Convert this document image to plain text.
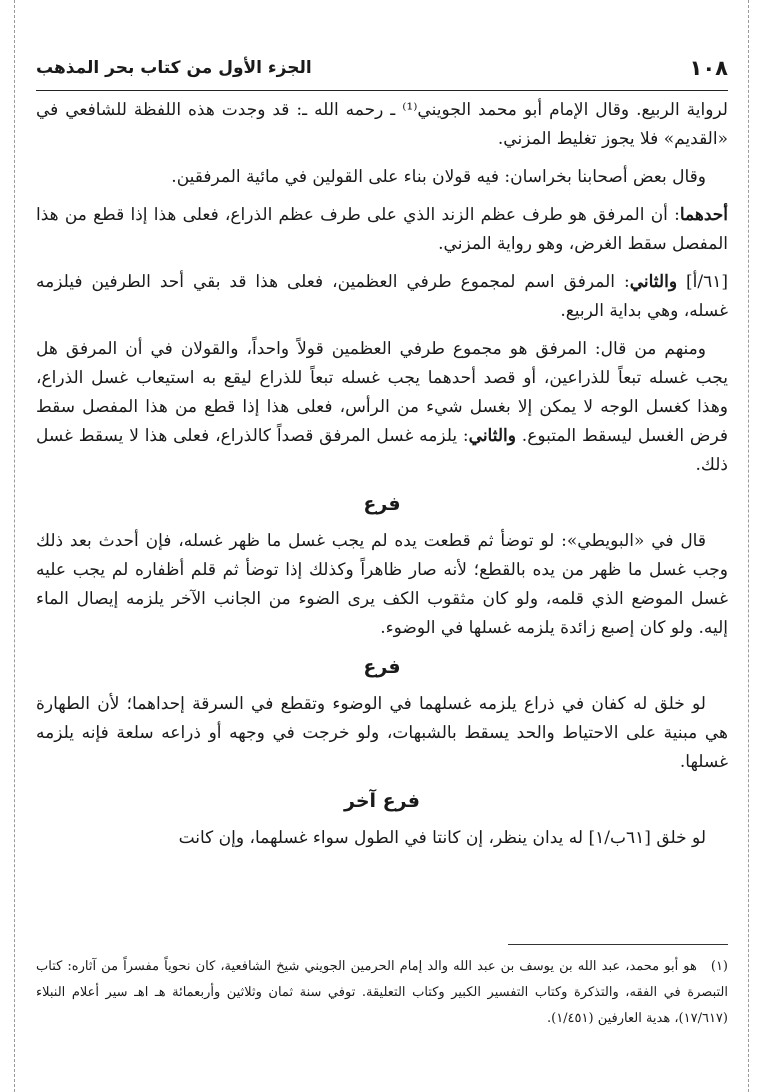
١٠٨
الجزء الأول من كتاب بحر المذهب

لرواية الربيع. وقال الإمام أبو محمد الجويني⁽¹⁾ ـ رحمه الله ـ: قد وجدت هذه اللفظة للشافعي في «القديم» فلا يجوز تغليط المزني.

وقال بعض أصحابنا بخراسان: فيه قولان بناء على القولين في مائية المرفقين.

أحدهما: أن المرفق هو طرف عظم الزند الذي على طرف عظم الذراع، فعلى هذا إذا قطع من هذا المفصل سقط الغرض، وهو رواية المزني.

[٦١/أ] والثاني: المرفق اسم لمجموع طرفي العظمين، فعلى هذا قد بقي أحد الطرفين فيلزمه غسله، وهي بداية الربيع.

ومنهم من قال: المرفق هو مجموع طرفي العظمين قولاً واحداً، والقولان في أن المرفق هل يجب غسله تبعاً للذراعين، أو قصد أحدهما يجب غسله تبعاً للذراع ليقع به استيعاب غسل الذراع، وهذا كغسل الوجه لا يمكن إلا بغسل شيء من الرأس، فعلى هذا إذا قطع من هذا المفصل سقط فرض الغسل ليسقط المتبوع. والثاني: يلزمه غسل المرفق قصداً كالذراع، فعلى هذا لا يسقط غسل ذلك.

فرع

قال في «البويطي»: لو توضأ ثم قطعت يده لم يجب غسل ما ظهر غسله، فإن أحدث بعد ذلك وجب غسل ما ظهر من يده بالقطع؛ لأنه صار ظاهراً وكذلك إذا توضأ ثم قلم أظفاره لم يجب عليه غسل الموضع الذي قلمه، ولو كان مثقوب الكف يرى الضوء من الجانب الآخر يلزمه إيصال الماء إليه. ولو كان إصبع زائدة يلزمه غسلها في الوضوء.

فرع

لو خلق له كفان في ذراع يلزمه غسلهما في الوضوء وتقطع في السرقة إحداهما؛ لأن الطهارة هي مبنية على الاحتياط والحد يسقط بالشبهات، ولو خرجت في وجهه أو ذراعه سلعة فإنه يلزمه غسلها.

فرع آخر

لو خلق [٦١ب/١] له يدان ينظر، إن كانتا في الطول سواء غسلهما، وإن كانت

(١)هو أبو محمد، عبد الله بن يوسف بن عبد الله والد إمام الحرمين الجويني شيخ الشافعية، كان نحوياً مفسراً من آثاره: كتاب التبصرة في الفقه، والتذكرة وكتاب التفسير الكبير وكتاب التعليقة. توفي سنة ثمان وثلاثين وأربعمائة هـ اهـ سير أعلام النبلاء (١٧/٦١٧)، هدية العارفين (١/٤٥١).
